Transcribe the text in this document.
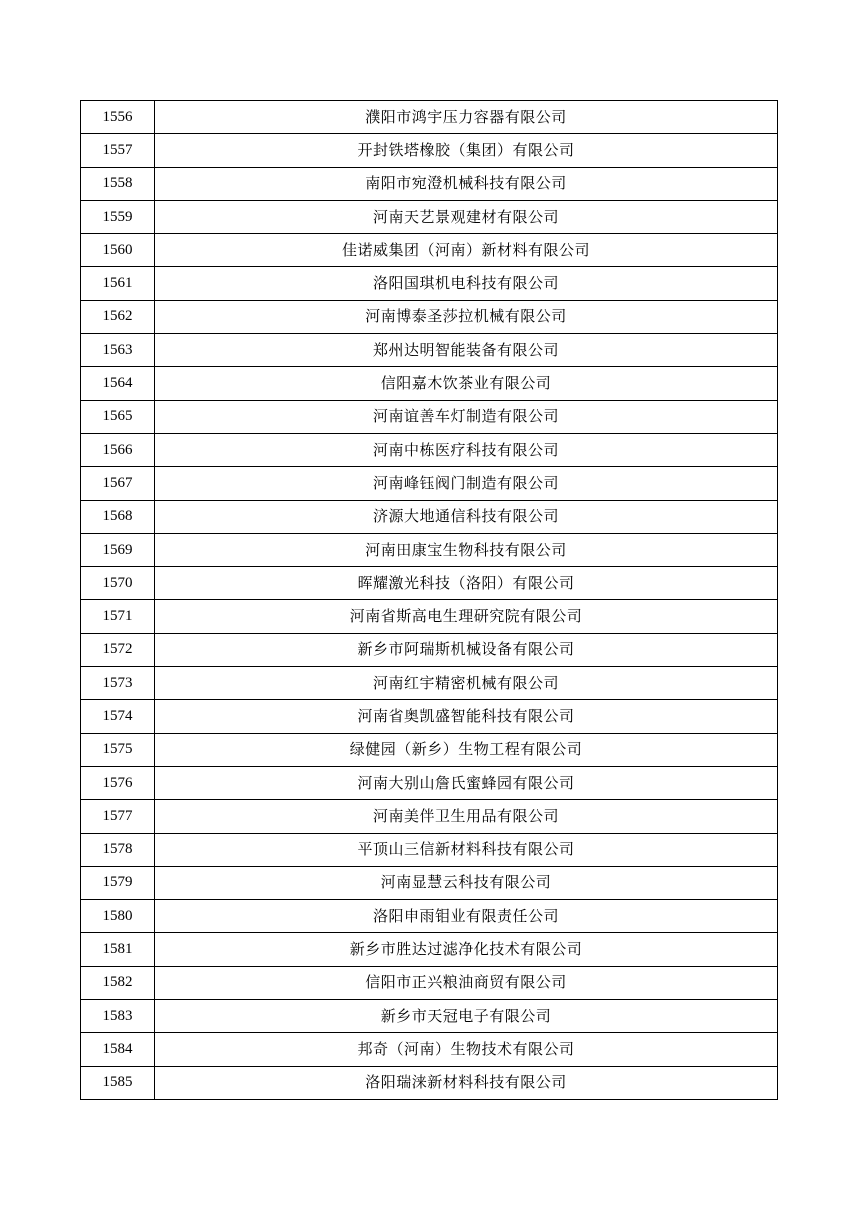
1556	濮阳市鸿宇压力容器有限公司
1557	开封铁塔橡胶（集团）有限公司
1558	南阳市宛澄机械科技有限公司
1559	河南天艺景观建材有限公司
1560	佳诺威集团（河南）新材料有限公司
1561	洛阳国琪机电科技有限公司
1562	河南博泰圣莎拉机械有限公司
1563	郑州达明智能装备有限公司
1564	信阳嘉木饮茶业有限公司
1565	河南谊善车灯制造有限公司
1566	河南中栋医疗科技有限公司
1567	河南峰钰阀门制造有限公司
1568	济源大地通信科技有限公司
1569	河南田康宝生物科技有限公司
1570	晖耀激光科技（洛阳）有限公司
1571	河南省斯高电生理研究院有限公司
1572	新乡市阿瑞斯机械设备有限公司
1573	河南红宇精密机械有限公司
1574	河南省奥凯盛智能科技有限公司
1575	绿健园（新乡）生物工程有限公司
1576	河南大别山詹氏蜜蜂园有限公司
1577	河南美伴卫生用品有限公司
1578	平顶山三信新材料科技有限公司
1579	河南显慧云科技有限公司
1580	洛阳申雨钼业有限责任公司
1581	新乡市胜达过滤净化技术有限公司
1582	信阳市正兴粮油商贸有限公司
1583	新乡市天冠电子有限公司
1584	邦奇（河南）生物技术有限公司
1585	洛阳瑞涞新材料科技有限公司
